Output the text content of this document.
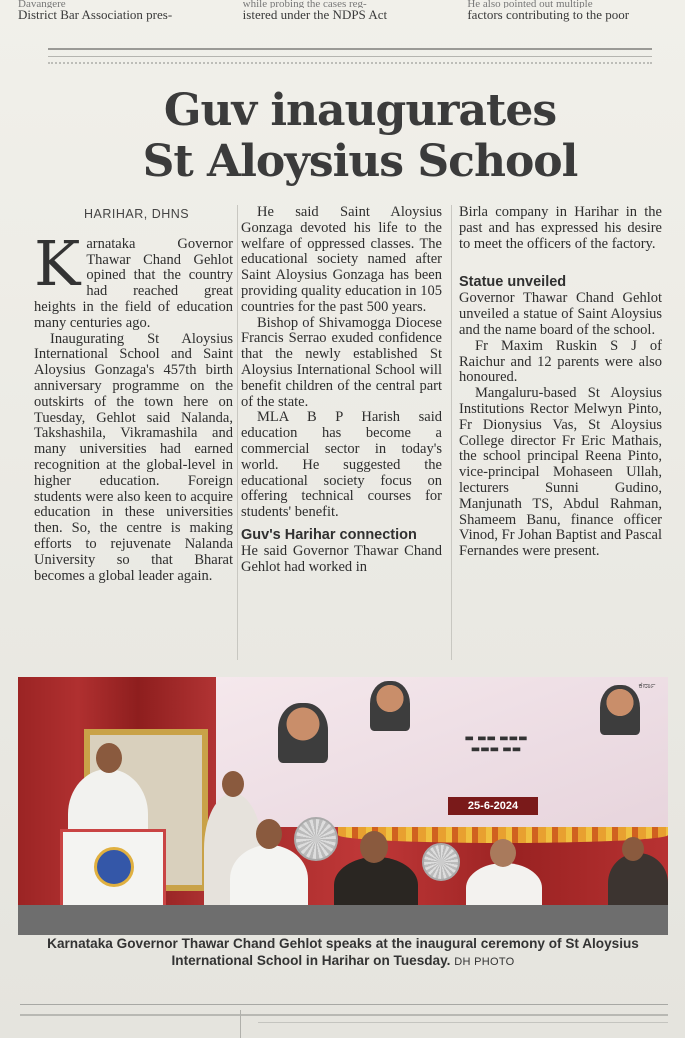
Davangere
District Bar Association pres-
while probing the cases reg-
istered under the NDPS Act
He also pointed out multiple
factors contributing to the poor
Guv inaugurates
St Aloysius School
HARIHAR, DHNS

Karnataka Governor Thawar Chand Gehlot opined that the country had reached great heights in the field of education many centuries ago.

Inaugurating St Aloysius International School and Saint Aloysius Gonzaga's 457th birth anniversary programme on the outskirts of the town here on Tuesday, Gehlot said Nalanda, Takshashila, Vikramashila and many universities had earned recognition at the global-level in higher education. Foreign students were also keen to acquire education in these universities then. So, the centre is making efforts to rejuvenate Nalanda University so that Bharat becomes a global leader again.

He said Saint Aloysius Gonzaga devoted his life to the welfare of oppressed classes. The educational society named after Saint Aloysius Gonzaga has been providing quality education in 105 countries for the past 500 years.

Bishop of Shivamogga Diocese Francis Serrao exuded confidence that the newly established St Aloysius International School will benefit children of the central part of the state.

MLA B P Harish said education has become a commercial sector in today's world. He suggested the educational society focus on offering technical courses for students' benefit.

Guv's Harihar connection

He said Governor Thawar Chand Gehlot had worked in

Birla company in Harihar in the past and has expressed his desire to meet the officers of the factory.

Statue unveiled

Governor Thawar Chand Gehlot unveiled a statue of Saint Aloysius and the name board of the school.

Fr Maxim Ruskin S J of Raichur and 12 parents were also honoured.

Mangaluru-based St Aloysius Institutions Rector Melwyn Pinto, Fr Dionysius Vas, St Aloysius College director Fr Eric Mathais, the school principal Reena Pinto, vice-principal Mohaseen Ullah, lecturers Sunni Gudino, Manjunath TS, Abdul Rahman, Shameem Banu, finance officer Vinod, Fr Johan Baptist and Pascal Fernandes were present.

ಕರ್ನಾ
▬ ▬▬ ▬▬▬
▬▬▬ ▬▬
25-6-2024
Karnataka Governor Thawar Chand Gehlot speaks at the inaugural ceremony of St Aloysius International School in Harihar on Tuesday. DH PHOTO
